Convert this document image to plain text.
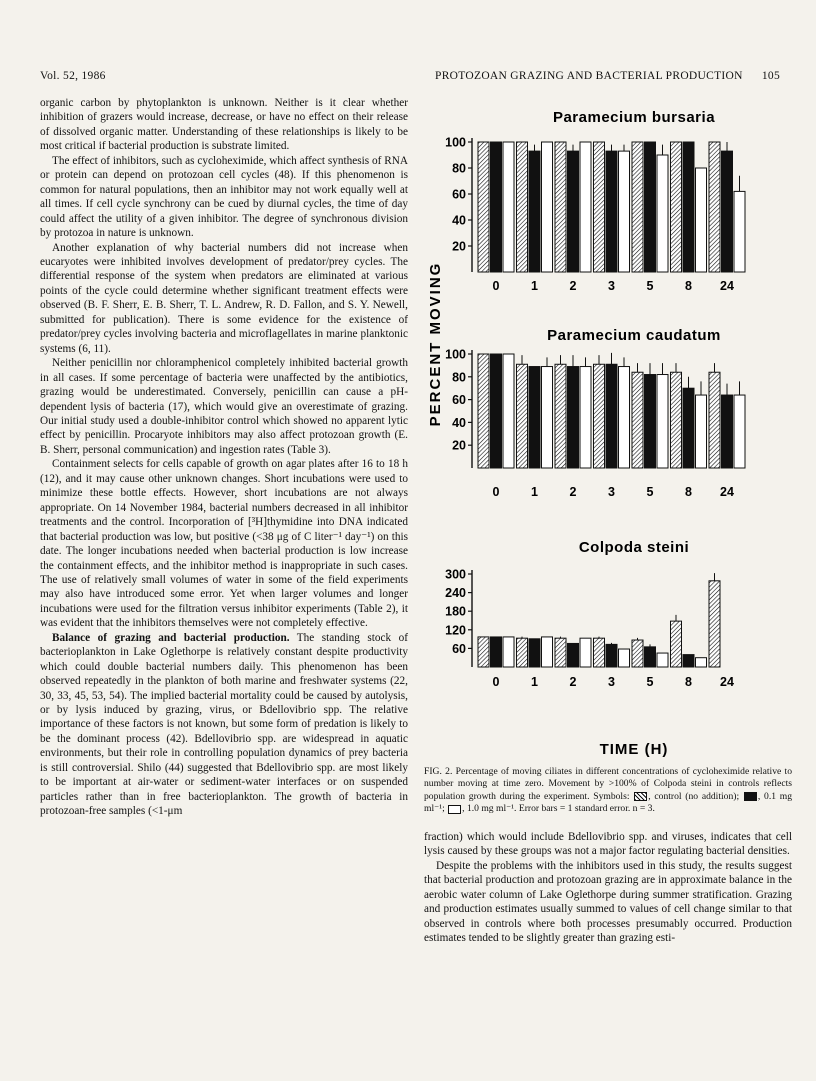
Vol. 52, 1986	PROTOZOAN GRAZING AND BACTERIAL PRODUCTION 105

organic carbon by phytoplankton is unknown. Neither is it clear whether inhibition of grazers would increase, decrease, or have no effect on their release of dissolved organic matter. Understanding of these relationships is likely to be most critical if bacterial production is substrate limited.

The effect of inhibitors, such as cycloheximide, which affect synthesis of RNA or protein can depend on protozoan cell cycles (48). If this phenomenon is common for natural populations, then an inhibitor may not work equally well at all times. If cell cycle synchrony can be cued by diurnal cycles, the time of day could affect the utility of a given inhibitor. The degree of synchronous division by protozoa in nature is unknown.

Another explanation of why bacterial numbers did not increase when eucaryotes were inhibited involves development of predator/prey cycles. The differential response of the system when predators are eliminated at various points of the cycle could determine whether significant treatment effects were observed (B. F. Sherr, E. B. Sherr, T. L. Andrew, R. D. Fallon, and S. Y. Newell, submitted for publication). There is some evidence for the existence of predator/prey cycles involving bacteria and microflagellates in marine planktonic systems (6, 11).

Neither penicillin nor chloramphenicol completely inhibited bacterial growth in all cases. If some percentage of bacteria were unaffected by the antibiotics, grazing would be underestimated. Conversely, penicillin can cause a pH-dependent lysis of bacteria (17), which would give an overestimate of grazing. Our initial study used a double-inhibitor control which showed no apparent lytic effect by penicillin. Procaryote inhibitors may also affect protozoan growth (E. B. Sherr, personal communication) and ingestion rates (Table 3).

Containment selects for cells capable of growth on agar plates after 16 to 18 h (12), and it may cause other unknown changes. Short incubations were used to minimize these bottle effects. However, short incubations are not always appropriate. On 14 November 1984, bacterial numbers decreased in all inhibitor treatments and the control. Incorporation of [³H]thymidine into DNA indicated that bacterial production was low, but positive (<38 μg of C liter⁻¹ day⁻¹) on this date. The longer incubations needed when bacterial production is low increase the containment effects, and the inhibitor method is inappropriate in such cases. The use of relatively small volumes of water in some of the field experiments may also have introduced some error. Yet when larger volumes and longer incubations were used for the filtration versus inhibitor experiments (Table 2), it was evident that the inhibitors themselves were not completely effective.

Balance of grazing and bacterial production. The standing stock of bacterioplankton in Lake Oglethorpe is relatively constant despite productivity which could double bacterial numbers daily. This phenomenon has been observed repeatedly in the plankton of both marine and freshwater systems (22, 30, 33, 45, 53, 54). The implied bacterial mortality could be caused by autolysis, or by lysis induced by grazing, virus, or Bdellovibrio spp. The relative importance of these factors is not known, but some form of predation is likely to be the dominant process (42). Bdellovibrio spp. are widespread in aquatic environments, but their role in controlling population dynamics of prey bacteria is still controversial. Shilo (44) suggested that Bdellovibrio spp. are most likely to be important at air-water or sediment-water interfaces or on suspended particles rather than in free bacterioplankton. The growth of bacteria in protozoan-free samples (<1-μm

Paramecium bursaria
20
40
60
80
100
0	1	2	3	5	8 24
Paramecium caudatum
20
40
60
80
100
0	1	2	3	5	8 24
Colpoda steini
60
120
180
240
300
0	1	2	3	5	8 24
PERCENT MOVING
TIME (H)
FIG. 2. Percentage of moving ciliates in different concentrations of cycloheximide relative to number moving at time zero. Movement by >100% of Colpoda steini in controls reflects population growth during the experiment. Symbols: , control (no addition); , 0.1 mg ml⁻¹; , 1.0 mg ml⁻¹. Error bars = 1 standard error. n = 3.

fraction) which would include Bdellovibrio spp. and viruses, indicates that cell lysis caused by these groups was not a major factor regulating bacterial densities.

Despite the problems with the inhibitors used in this study, the results suggest that bacterial production and protozoan grazing are in approximate balance in the aerobic water column of Lake Oglethorpe during summer stratification. Grazing and production estimates usually summed to values of cell change similar to that observed in controls where both processes presumably occurred. Production estimates tended to be slightly greater than grazing esti-
